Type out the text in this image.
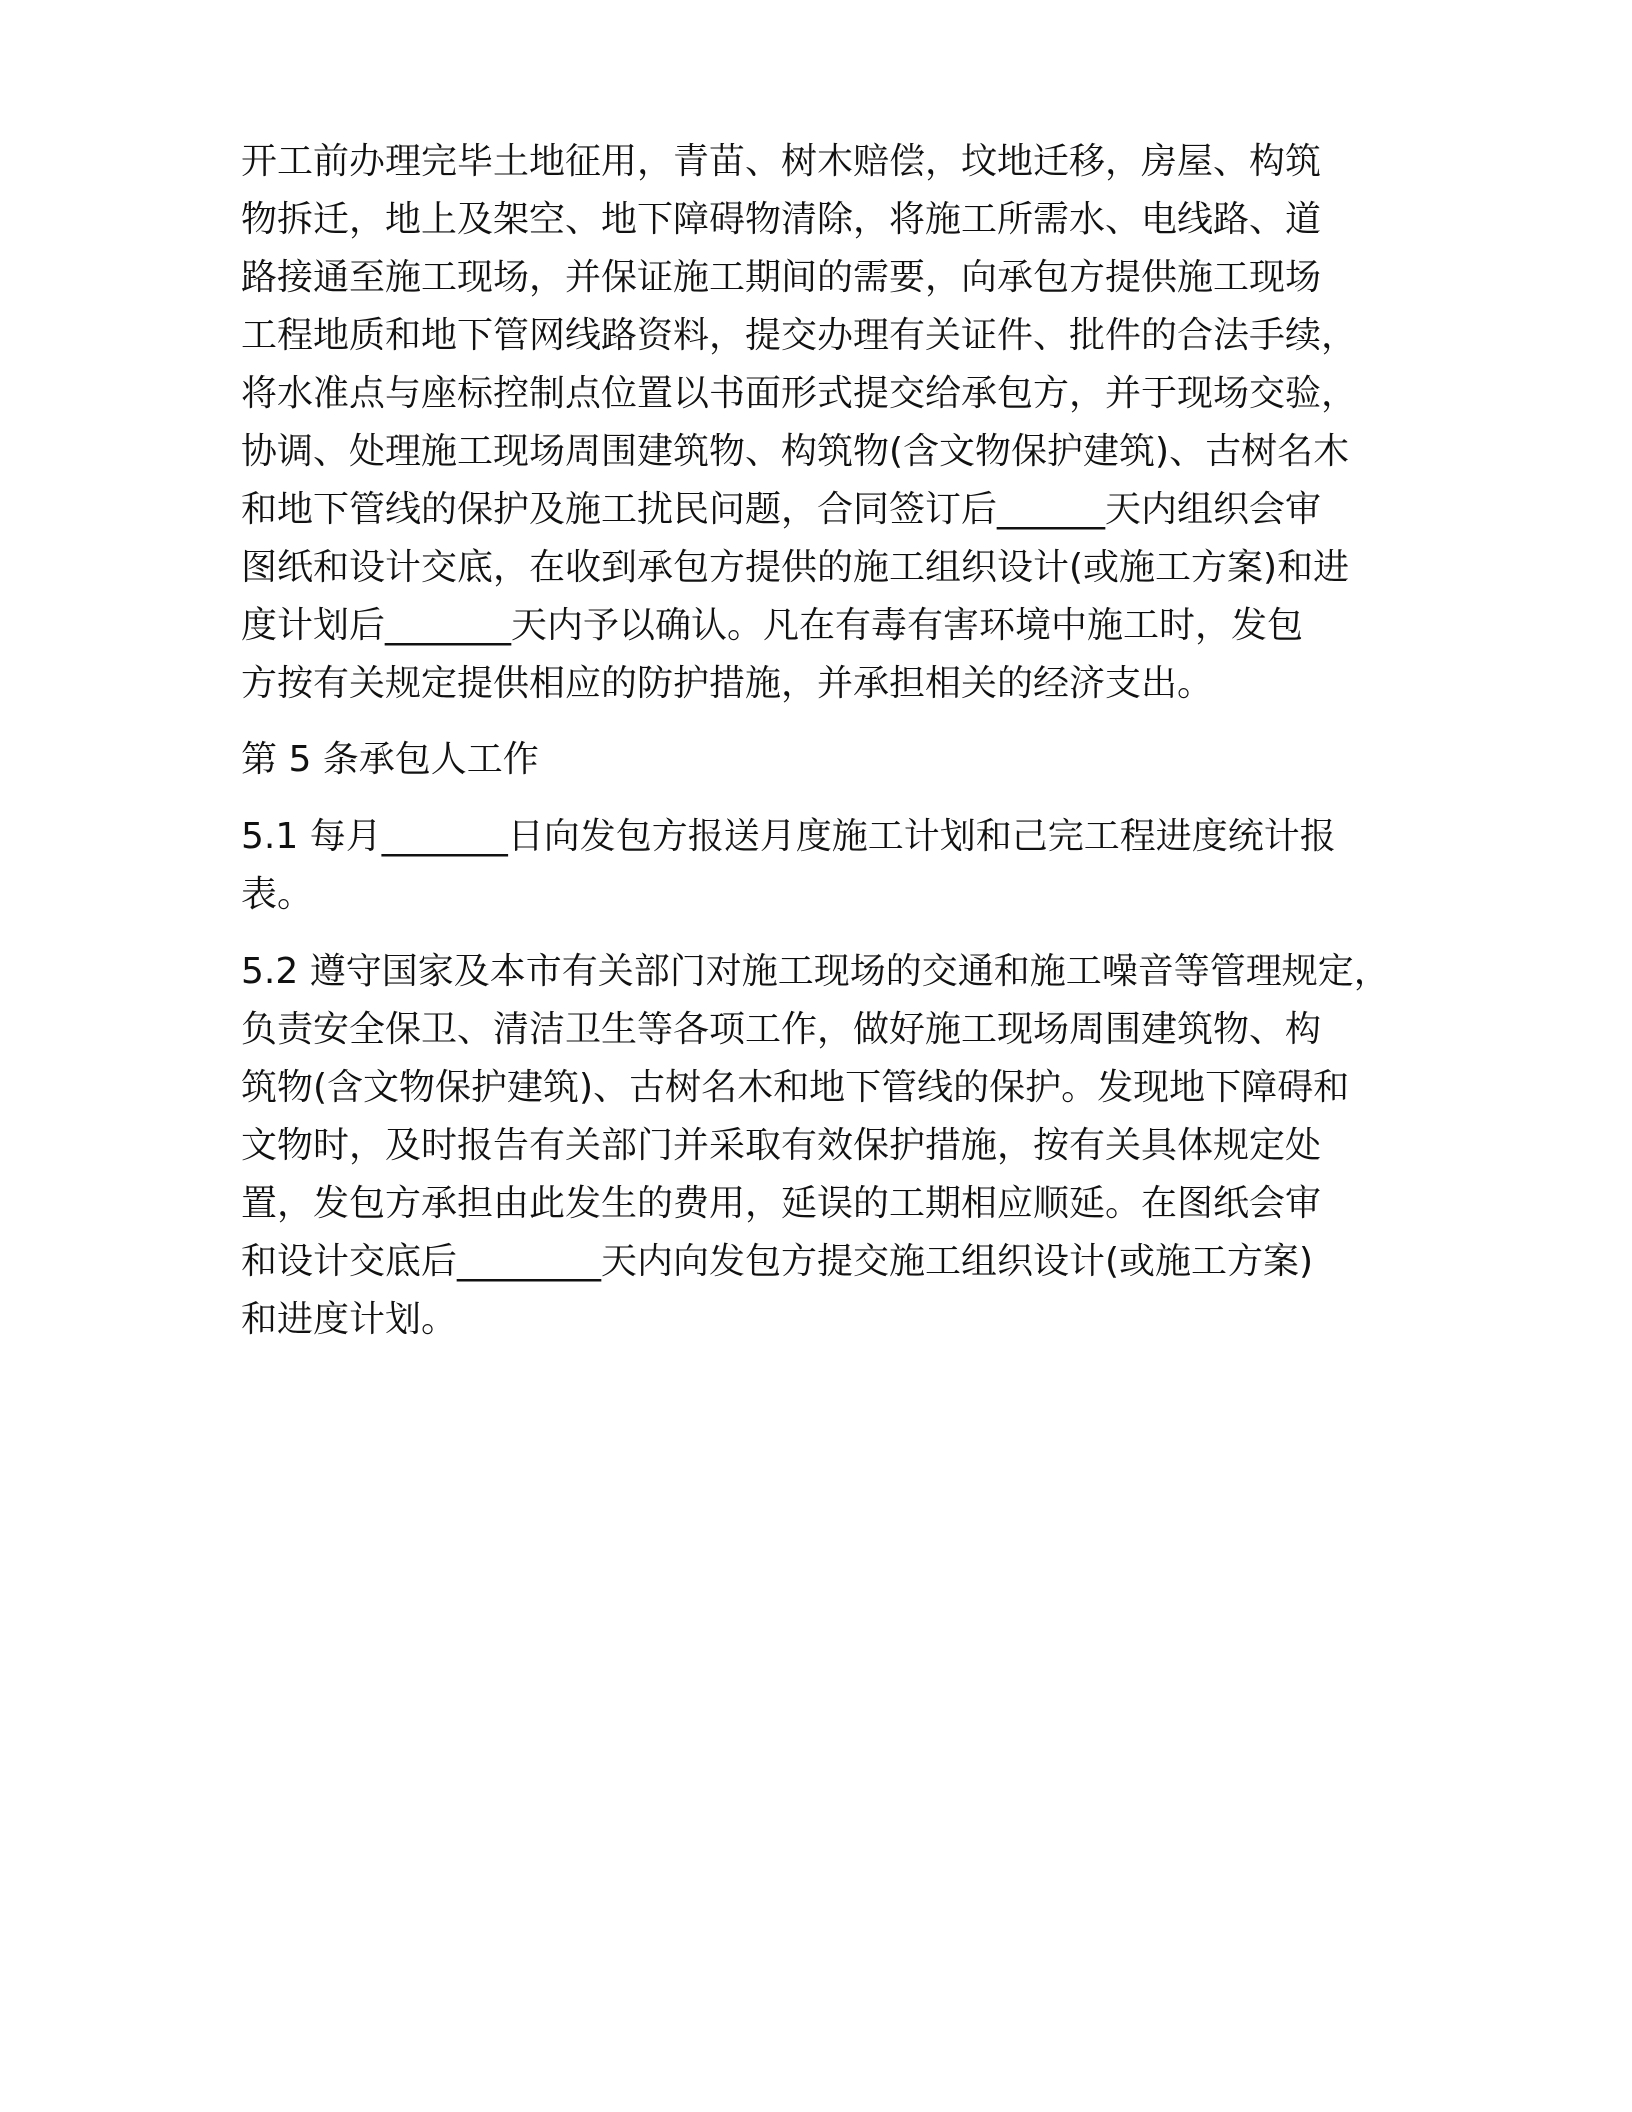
开工前办理完毕土地征用，青苗、树木赔偿，坟地迁移，房屋、构筑

物拆迁，地上及架空、地下障碍物清除，将施工所需水、电线路、道

路接通至施工现场，并保证施工期间的需要，向承包方提供施工现场

工程地质和地下管网线路资料，提交办理有关证件、批件的合法手续，

将水准点与座标控制点位置以书面形式提交给承包方，并于现场交验，

协调、处理施工现场周围建筑物、构筑物(含文物保护建筑)、古树名木

和地下管线的保护及施工扰民问题，合同签订后______天内组织会审

图纸和设计交底，在收到承包方提供的施工组织设计(或施工方案)和进

度计划后_______天内予以确认。凡在有毒有害环境中施工时，发包

方按有关规定提供相应的防护措施，并承担相关的经济支出。

第 5 条承包人工作

5.1 每月_______日向发包方报送月度施工计划和己完工程进度统计报

表。

5.2 遵守国家及本市有关部门对施工现场的交通和施工噪音等管理规定，

负责安全保卫、清洁卫生等各项工作，做好施工现场周围建筑物、构

筑物(含文物保护建筑)、古树名木和地下管线的保护。发现地下障碍和

文物时，及时报告有关部门并采取有效保护措施，按有关具体规定处

置，发包方承担由此发生的费用，延误的工期相应顺延。在图纸会审

和设计交底后________天内向发包方提交施工组织设计(或施工方案)

和进度计划。
